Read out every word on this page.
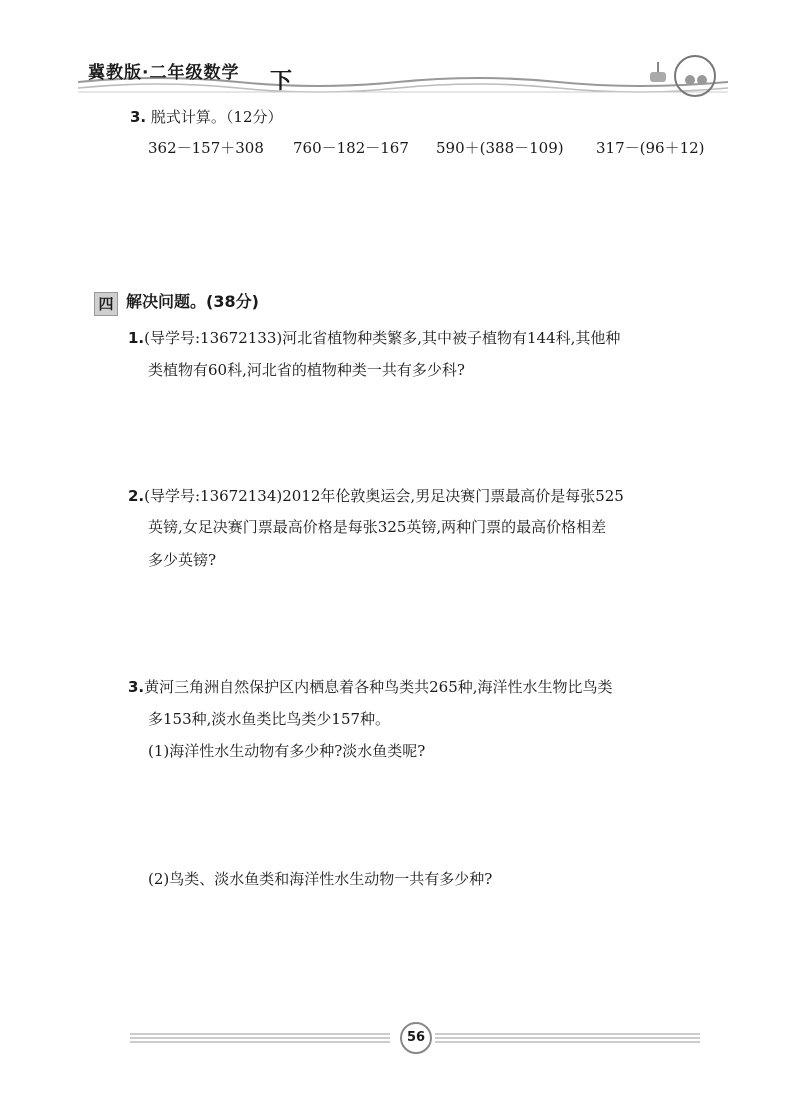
冀教版·二年级数学 下
3. 脱式计算。（12分）
362－157＋308 760－182－167 590＋(388－109) 317－(96＋12)
四 解决问题。(38分)
1.(导学号:13672133)河北省植物种类繁多,其中被子植物有144科,其他种
类植物有60科,河北省的植物种类一共有多少科?
2.(导学号:13672134)2012年伦敦奥运会,男足决赛门票最高价是每张525
英镑,女足决赛门票最高价格是每张325英镑,两种门票的最高价格相差
多少英镑?
3.黄河三角洲自然保护区内栖息着各种鸟类共265种,海洋性水生物比鸟类
多153种,淡水鱼类比鸟类少157种。
(1)海洋性水生动物有多少种?淡水鱼类呢?
(2)鸟类、淡水鱼类和海洋性水生动物一共有多少种?
56
